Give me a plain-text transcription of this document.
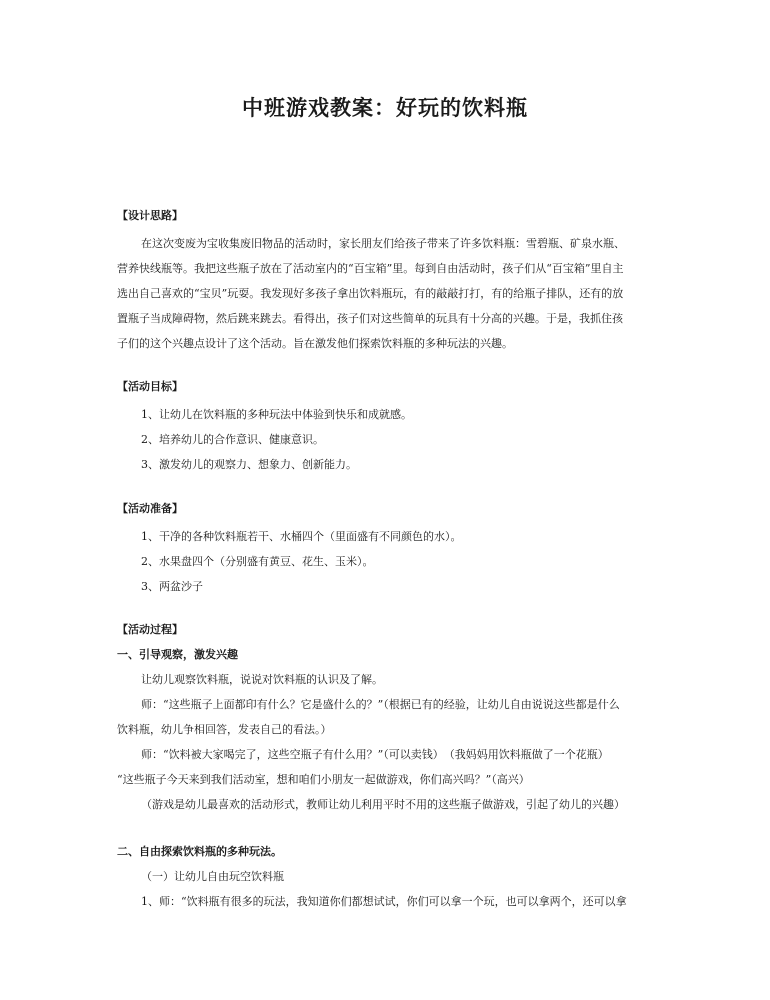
中班游戏教案：好玩的饮料瓶
【设计思路】
在这次变废为宝收集废旧物品的活动时，家长朋友们给孩子带来了许多饮料瓶：雪碧瓶、矿泉水瓶、
营养快线瓶等。我把这些瓶子放在了活动室内的“百宝箱”里。每到自由活动时，孩子们从“百宝箱”里自主
选出自己喜欢的“宝贝”玩耍。我发现好多孩子拿出饮料瓶玩，有的敲敲打打，有的给瓶子排队，还有的放
置瓶子当成障碍物，然后跳来跳去。看得出，孩子们对这些简单的玩具有十分高的兴趣。于是，我抓住孩
子们的这个兴趣点设计了这个活动。旨在激发他们探索饮料瓶的多种玩法的兴趣。
【活动目标】
1、让幼儿在饮料瓶的多种玩法中体验到快乐和成就感。
2、培养幼儿的合作意识、健康意识。
3、激发幼儿的观察力、想象力、创新能力。
【活动准备】
1、干净的各种饮料瓶若干、水桶四个（里面盛有不同颜色的水）。
2、水果盘四个（分别盛有黄豆、花生、玉米）。
3、两盆沙子
【活动过程】
一、引导观察，激发兴趣
让幼儿观察饮料瓶，说说对饮料瓶的认识及了解。
师：“这些瓶子上面都印有什么？它是盛什么的？”（根据已有的经验，让幼儿自由说说这些都是什么
饮料瓶，幼儿争相回答，发表自己的看法。）
师：“饮料被大家喝完了，这些空瓶子有什么用？”（可以卖钱）　（我妈妈用饮料瓶做了一个花瓶）
“这些瓶子今天来到我们活动室，想和咱们小朋友一起做游戏，你们高兴吗？”（高兴）
（游戏是幼儿最喜欢的活动形式，教师让幼儿利用平时不用的这些瓶子做游戏，引起了幼儿的兴趣）
二、自由探索饮料瓶的多种玩法。
（一）让幼儿自由玩空饮料瓶
1、师：“饮料瓶有很多的玩法，我知道你们都想试试，你们可以拿一个玩，也可以拿两个，还可以拿
